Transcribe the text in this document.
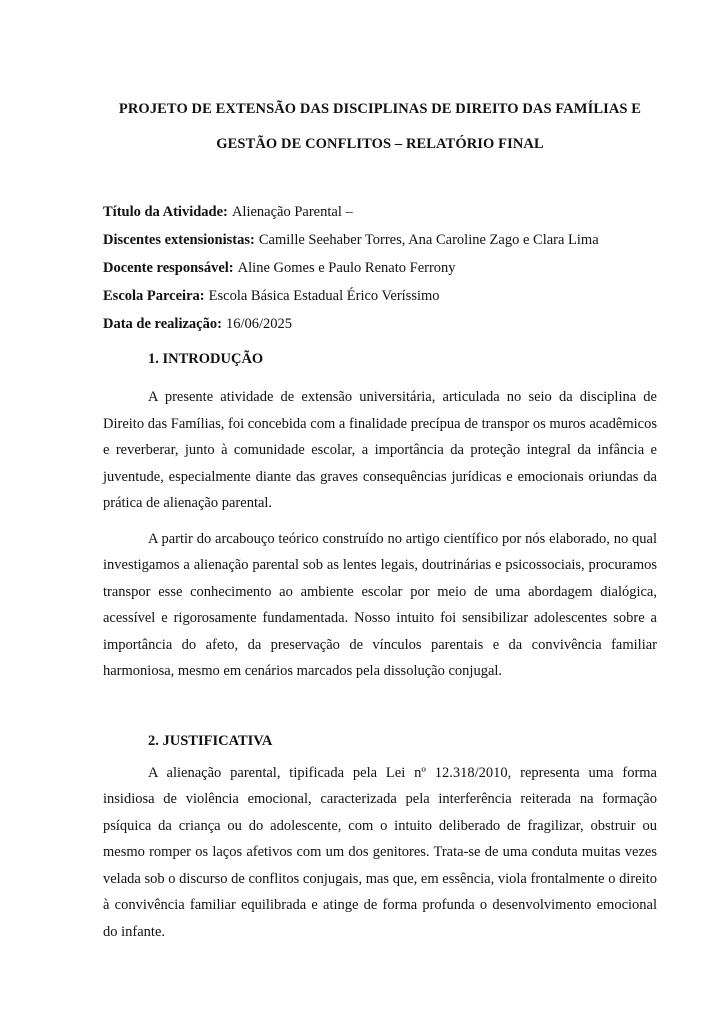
PROJETO DE EXTENSÃO DAS DISCIPLINAS DE DIREITO DAS FAMÍLIAS E
GESTÃO DE CONFLITOS – RELATÓRIO FINAL
Título da Atividade: Alienação Parental –
Discentes extensionistas: Camille Seehaber Torres, Ana Caroline Zago e Clara Lima
Docente responsável: Aline Gomes e Paulo Renato Ferrony
Escola Parceira: Escola Básica Estadual Érico Veríssimo
Data de realização: 16/06/2025
1. INTRODUÇÃO

A presente atividade de extensão universitária, articulada no seio da disciplina de Direito das Famílias, foi concebida com a finalidade precípua de transpor os muros acadêmicos e reverberar, junto à comunidade escolar, a importância da proteção integral da infância e juventude, especialmente diante das graves consequências jurídicas e emocionais oriundas da prática de alienação parental.

A partir do arcabouço teórico construído no artigo científico por nós elaborado, no qual investigamos a alienação parental sob as lentes legais, doutrinárias e psicossociais, procuramos transpor esse conhecimento ao ambiente escolar por meio de uma abordagem dialógica, acessível e rigorosamente fundamentada. Nosso intuito foi sensibilizar adolescentes sobre a importância do afeto, da preservação de vínculos parentais e da convivência familiar harmoniosa, mesmo em cenários marcados pela dissolução conjugal.

2. JUSTIFICATIVA

A alienação parental, tipificada pela Lei nº 12.318/2010, representa uma forma insidiosa de violência emocional, caracterizada pela interferência reiterada na formação psíquica da criança ou do adolescente, com o intuito deliberado de fragilizar, obstruir ou mesmo romper os laços afetivos com um dos genitores. Trata-se de uma conduta muitas vezes velada sob o discurso de conflitos conjugais, mas que, em essência, viola frontalmente o direito à convivência familiar equilibrada e atinge de forma profunda o desenvolvimento emocional do infante.
